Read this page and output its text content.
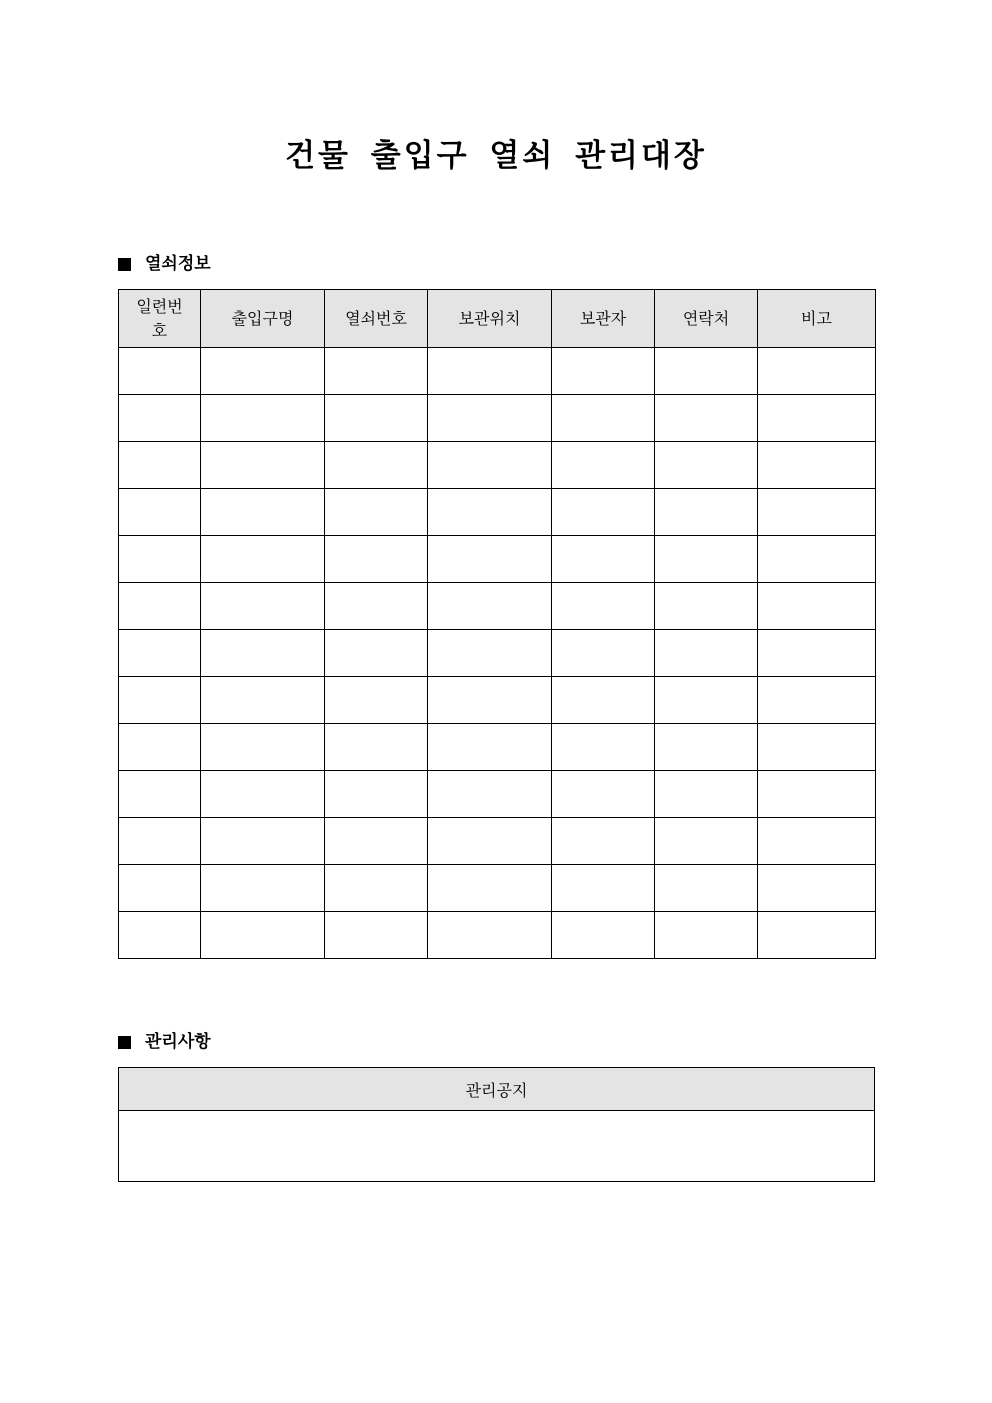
건물 출입구 열쇠 관리대장
열쇠정보
일련번호	출입구명	열쇠번호	보관위치	보관자	연락처	비고

관리사항
관리공지
